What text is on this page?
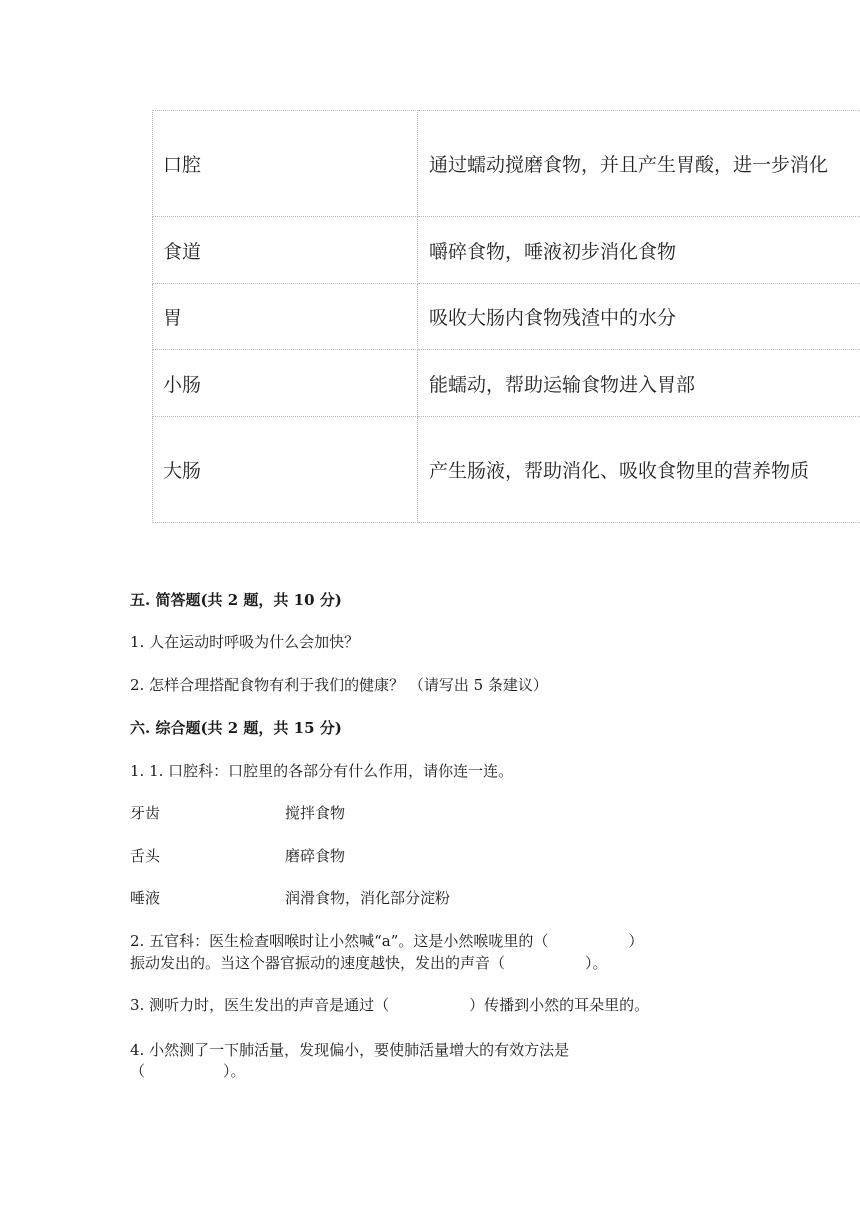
口腔	通过蠕动搅磨食物，并且产生胃酸，进一步消化
食道	嚼碎食物，唾液初步消化食物
胃	吸收大肠内食物残渣中的水分
小肠	能蠕动，帮助运输食物进入胃部
大肠	产生肠液，帮助消化、吸收食物里的营养物质
五. 简答题(共 2 题，共 10 分)
1. 人在运动时呼吸为什么会加快？
2. 怎样合理搭配食物有利于我们的健康？ （请写出 5 条建议）
六. 综合题(共 2 题，共 15 分)
1. 1. 口腔科：口腔里的各部分有什么作用，请你连一连。
牙齿	搅拌食物
舌头	磨碎食物
唾液	润滑食物，消化部分淀粉
2. 五官科：医生检查咽喉时让小然喊“a”。这是小然喉咙里的（	）
振动发出的。当这个器官振动的速度越快，发出的声音（	）。
3. 测听力时，医生发出的声音是通过（	）传播到小然的耳朵里的。
4. 小然测了一下肺活量，发现偏小，要使肺活量增大的有效方法是
（	）。
